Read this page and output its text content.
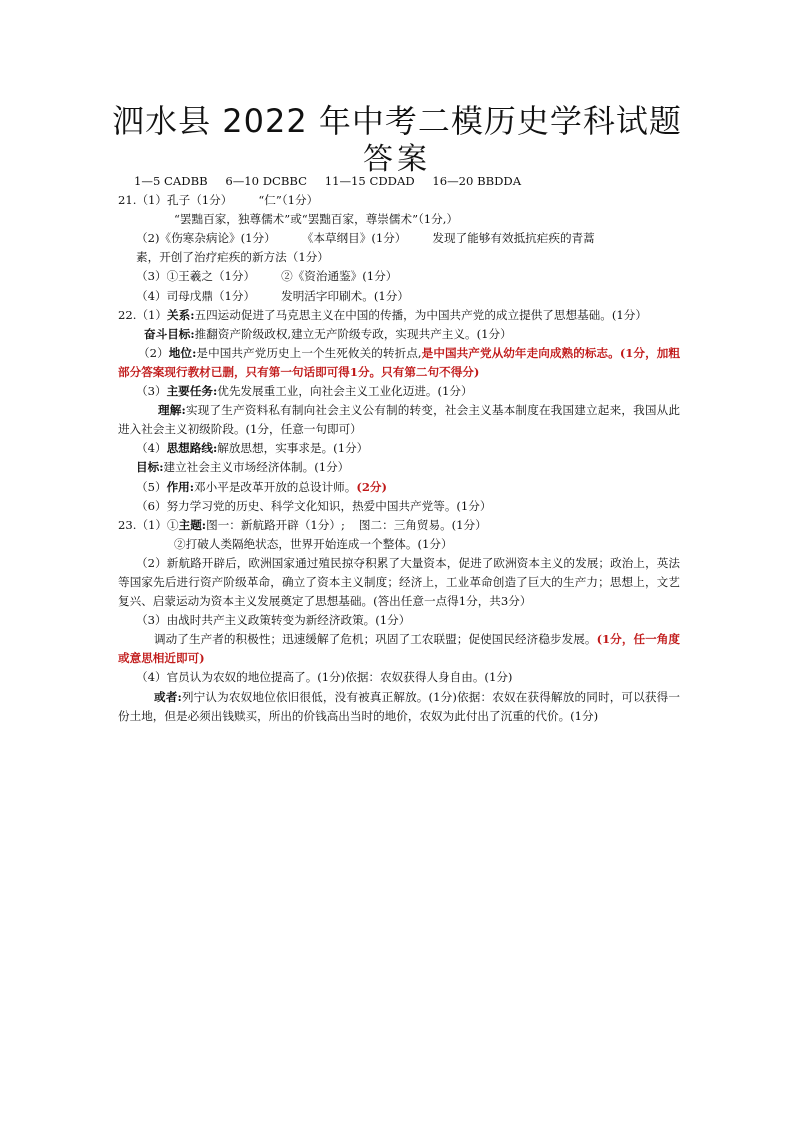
泗水县 2022 年中考二模历史学科试题
答案
1—5 CADBB 6—10 DCBBC 11—15 CDDAD 16—20 BBDDA
21.（1）孔子（1分） “仁”（1分）
“罢黜百家，独尊儒术”或“罢黜百家，尊崇儒术”（1分,）
（2)《伤寒杂病论》(1分） 《本草纲目》(1分） 发现了能够有效抵抗疟疾的青蒿
素，开创了治疗疟疾的新方法（1分）
（3）①王羲之（1分） ②《资治通鉴》(1分）
（4）司母戊鼎（1分） 发明活字印刷术。(1分）
22.（1）关系:五四运动促进了马克思主义在中国的传播，为中国共产党的成立提供了思想基础。(1分）
奋斗目标:推翻资产阶级政权,建立无产阶级专政，实现共产主义。(1分）
（2）地位:是中国共产党历史上一个生死攸关的转折点,是中国共产党从幼年走向成熟的标志。(1分，加粗部分答案现行教材已删，只有第一句话即可得1分。只有第二句不得分)
（3）主要任务:优先发展重工业，向社会主义工业化迈进。(1分）
理解:实现了生产资料私有制向社会主义公有制的转变，社会主义基本制度在我国建立起来，我国从此进入社会主义初级阶段。(1分，任意一句即可）
（4）思想路线:解放思想，实事求是。(1分）
目标:建立社会主义市场经济体制。(1分）
（5）作用:邓小平是改革开放的总设计师。(2分)
（6）努力学习党的历史、科学文化知识，热爱中国共产党等。(1分）
23.（1）①主题:图一：新航路开辟（1分）; 图二：三角贸易。(1分）
②打破人类隔绝状态，世界开始连成一个整体。(1分）
（2）新航路开辟后，欧洲国家通过殖民掠夺积累了大量资本，促进了欧洲资本主义的发展；政治上，英法等国家先后进行资产阶级革命，确立了资本主义制度；经济上，工业革命创造了巨大的生产力；思想上，文艺复兴、启蒙运动为资本主义发展奠定了思想基础。(答出任意一点得1分，共3分）
（3）由战时共产主义政策转变为新经济政策。(1分）
调动了生产者的积极性；迅速缓解了危机；巩固了工农联盟；促使国民经济稳步发展。(1分，任一角度或意思相近即可)
（4）官员认为农奴的地位提高了。(1分)依据：农奴获得人身自由。(1分)
或者:列宁认为农奴地位依旧很低，没有被真正解放。(1分)依据：农奴在获得解放的同时，可以获得一份土地，但是必须出钱赎买，所出的价钱高出当时的地价，农奴为此付出了沉重的代价。(1分)
